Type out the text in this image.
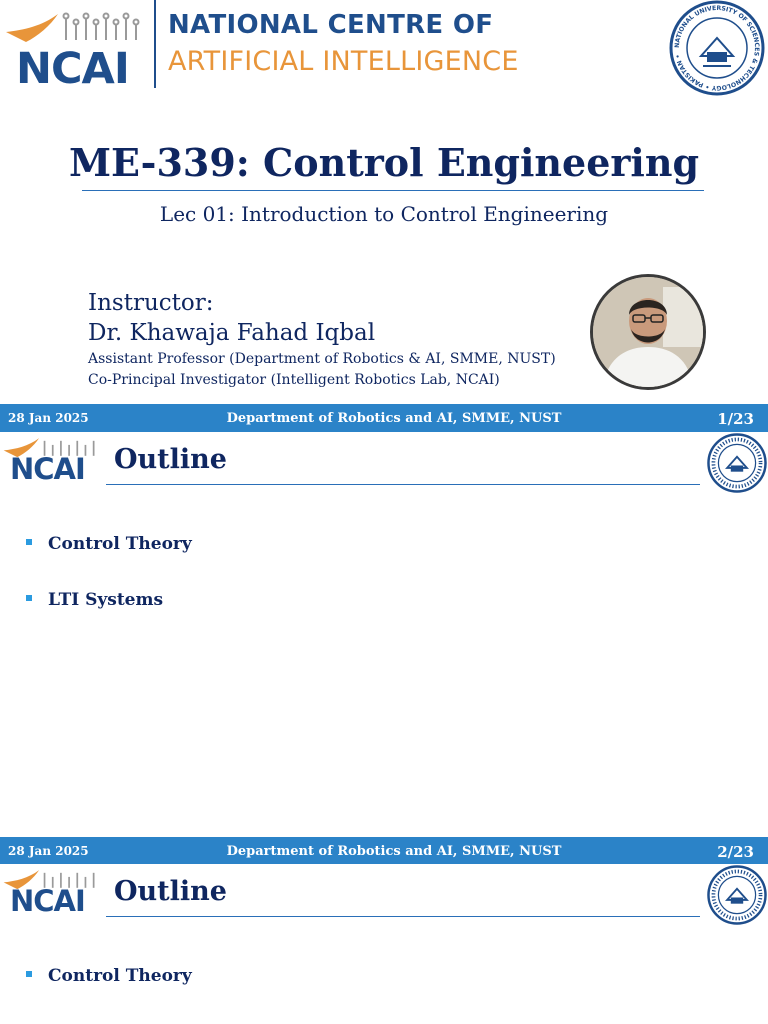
NCAI
NATIONAL CENTRE OF
ARTIFICIAL INTELLIGENCE
NATIONAL UNIVERSITY OF SCIENCES & TECHNOLOGY • PAKISTAN •
ME-339: Control Engineering
Lec 01: Introduction to Control Engineering
Instructor:
Dr. Khawaja Fahad Iqbal
Assistant Professor (Department of Robotics & AI, SMME, NUST)
Co-Principal Investigator (Intelligent Robotics Lab, NCAI)
28 Jan 2025	Department of Robotics and AI, SMME, NUST	1/23
NCAI Outline
Control Theory
LTI Systems
28 Jan 2025	Department of Robotics and AI, SMME, NUST	2/23
NCAI Outline
Control Theory
